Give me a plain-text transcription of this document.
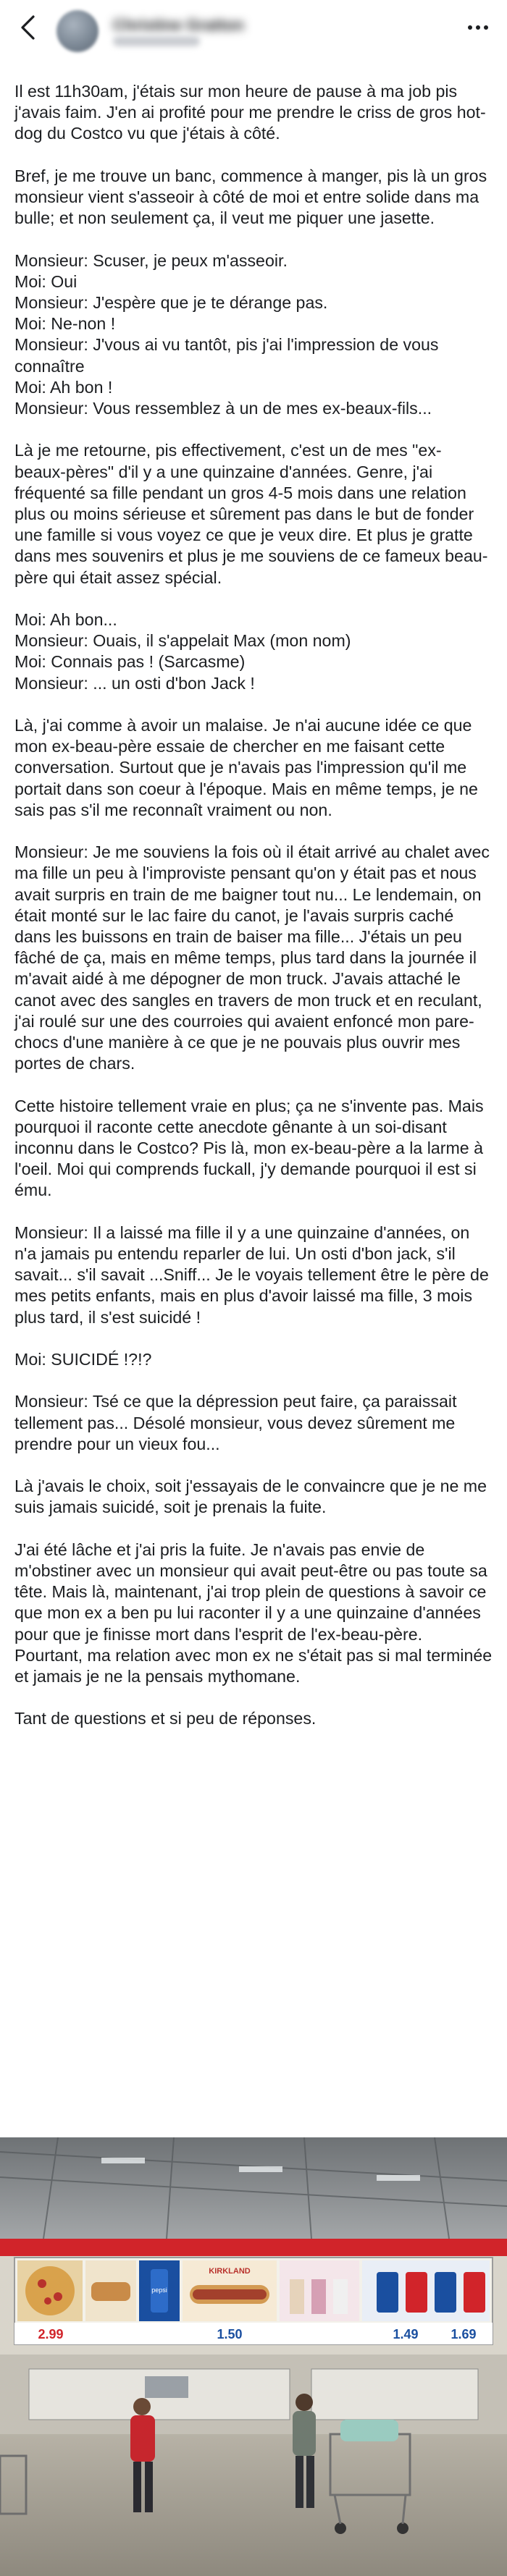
Christine Gratton

Il est 11h30am, j'étais sur mon heure de pause à ma job pis j'avais faim. J'en ai profité pour me prendre le criss de gros hot-dog du Costco vu que j'étais à côté.

Bref, je me trouve un banc, commence à manger, pis là un gros monsieur vient s'asseoir à côté de moi et entre solide dans ma bulle; et non seulement ça, il veut me piquer une jasette.

Monsieur: Scuser, je peux m'asseoir.
Moi: Oui
Monsieur: J'espère que je te dérange pas.
Moi: Ne-non !
Monsieur: J'vous ai vu tantôt, pis j'ai l'impression de vous connaître
Moi: Ah bon !
Monsieur: Vous ressemblez à un de mes ex-beaux-fils...

Là je me retourne, pis effectivement, c'est un de mes "ex-beaux-pères" d'il y a une quinzaine d'années. Genre, j'ai fréquenté sa fille pendant un gros 4-5 mois dans une relation plus ou moins sérieuse et sûrement pas dans le but de fonder une famille si vous voyez ce que je veux dire. Et plus je gratte dans mes souvenirs et plus je me souviens de ce fameux beau-père qui était assez spécial.

Moi: Ah bon...
Monsieur: Ouais, il s'appelait Max (mon nom)
Moi: Connais pas ! (Sarcasme)
Monsieur: ... un osti d'bon Jack !

Là, j'ai comme à avoir un malaise. Je n'ai aucune idée ce que mon ex-beau-père essaie de chercher en me faisant cette conversation. Surtout que je n'avais pas l'impression qu'il me portait dans son coeur à l'époque. Mais en même temps, je ne sais pas s'il me reconnaît vraiment ou non.

Monsieur: Je me souviens la fois où il était arrivé au chalet avec ma fille un peu à l'improviste pensant qu'on y était pas et nous avait surpris en train de me baigner tout nu... Le lendemain, on était monté sur le lac faire du canot, je l'avais surpris caché dans les buissons en train de baiser ma fille... J'étais un peu fâché de ça, mais en même temps, plus tard dans la journée il m'avait aidé à me dépogner de mon truck. J'avais attaché le canot avec des sangles en travers de mon truck et en reculant, j'ai roulé sur une des courroies qui avaient enfoncé mon pare-chocs d'une manière à ce que je ne pouvais plus ouvrir mes portes de chars.

Cette histoire tellement vraie en plus; ça ne s'invente pas. Mais pourquoi il raconte cette anecdote gênante à un soi-disant inconnu dans le Costco? Pis là, mon ex-beau-père a la larme à l'oeil. Moi qui comprends fuckall, j'y demande pourquoi il est si ému.

Monsieur: Il a laissé ma fille il y a une quinzaine d'années, on n'a jamais pu entendu reparler de lui. Un osti d'bon jack, s'il savait... s'il savait ...Sniff... Je le voyais tellement être le père de mes petits enfants, mais en plus d'avoir laissé ma fille, 3 mois plus tard, il s'est suicidé !

Moi: SUICIDÉ !?!?

Monsieur: Tsé ce que la dépression peut faire, ça paraissait tellement pas... Désolé monsieur, vous devez sûrement me prendre pour un vieux fou...

Là j'avais le choix, soit j'essayais de le convaincre que je ne me suis jamais suicidé, soit je prenais la fuite.

J'ai été lâche et j'ai pris la fuite. Je n'avais pas envie de m'obstiner avec un monsieur qui avait peut-être ou pas toute sa tête. Mais là, maintenant, j'ai trop plein de questions à savoir ce que mon ex a ben pu lui raconter il y a une quinzaine d'années pour que je finisse mort dans l'esprit de l'ex-beau-père. Pourtant, ma relation avec mon ex ne s'était pas si mal terminée et jamais je ne la pensais mythomane.

Tant de questions et si peu de réponses.

pepsi
KIRKLAND
2.99	1.50	1.49 1.69
